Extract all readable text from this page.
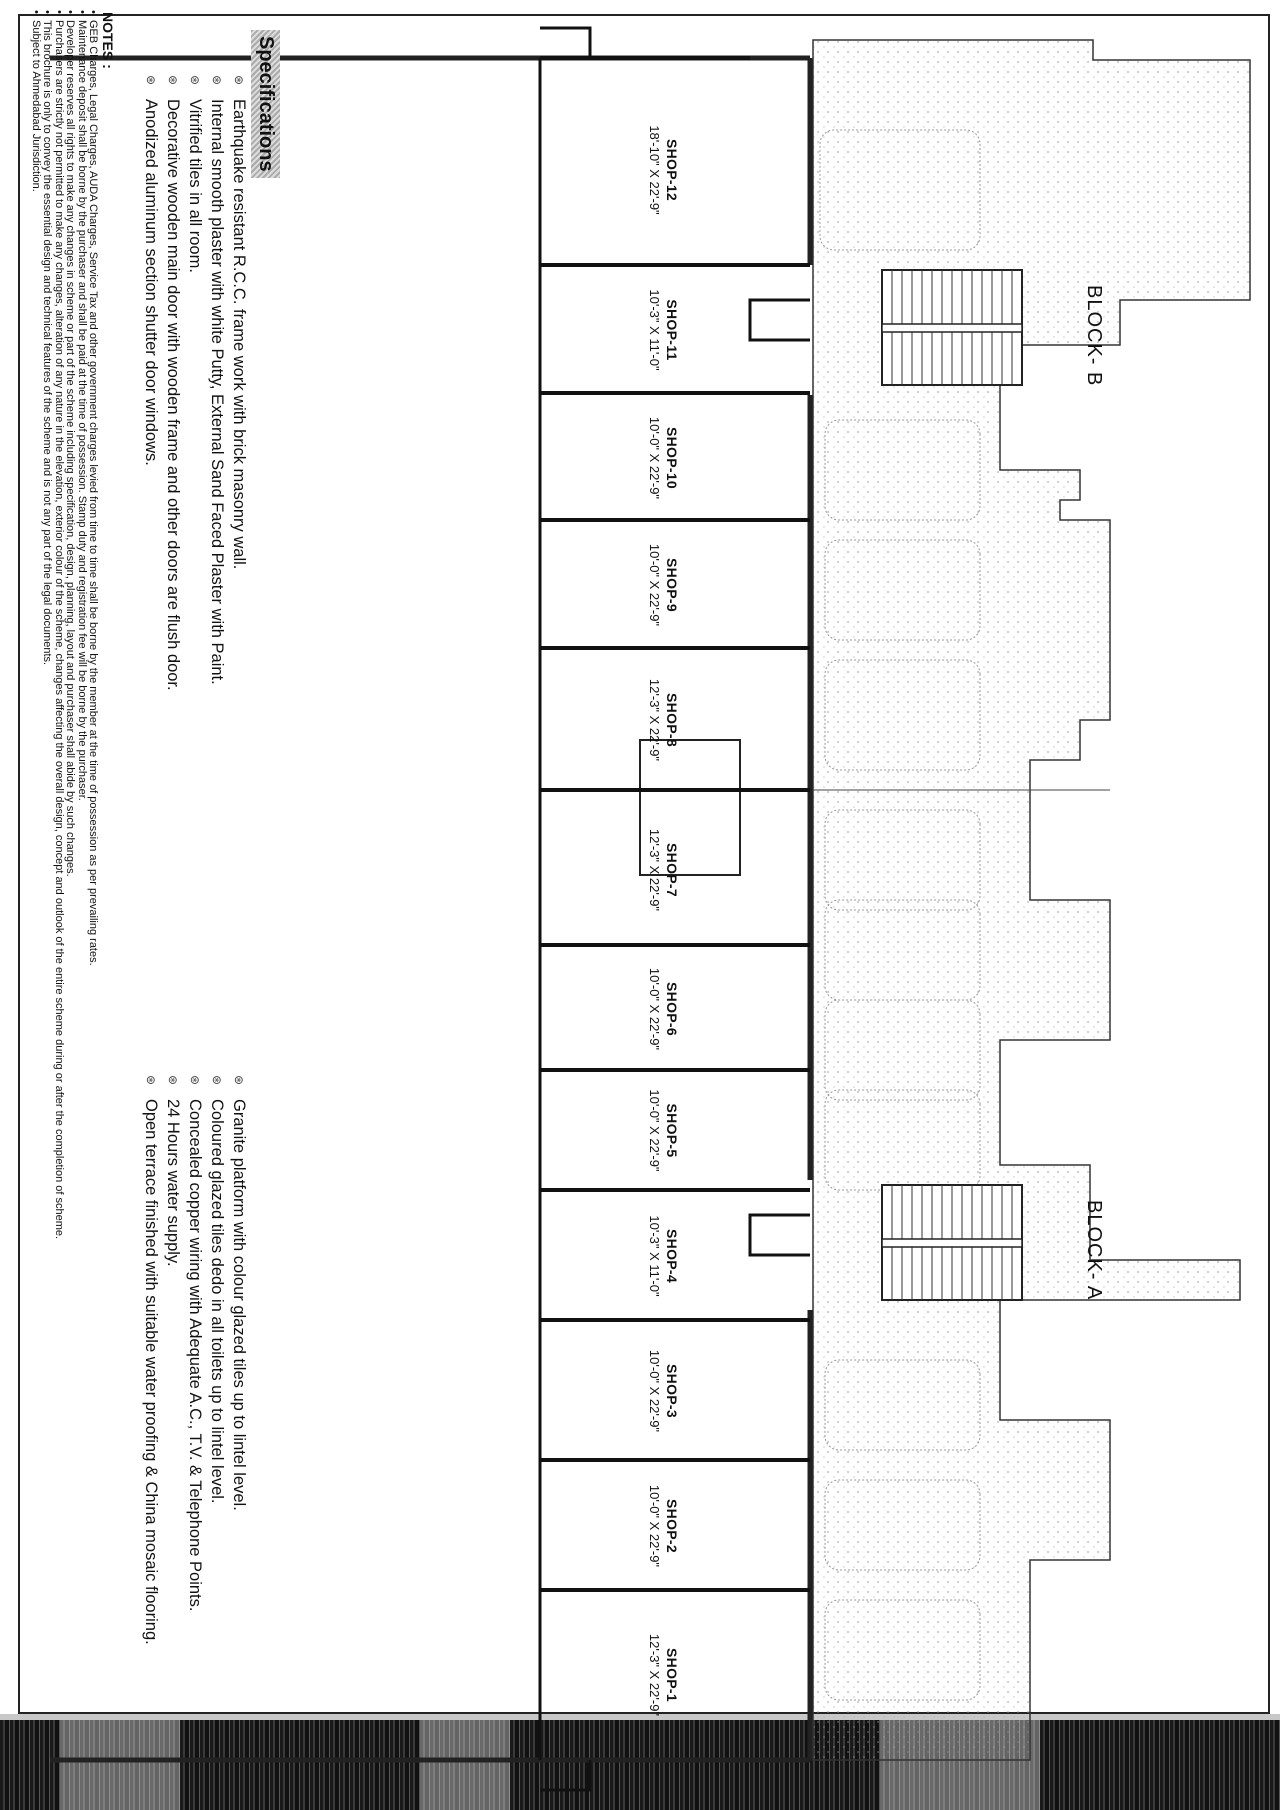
BLOCK- B
BLOCK- A
SHOP-12
18'-10" X 22'-9"
SHOP-11
10'-3" X 11'-0"
SHOP-10
10'-0" X 22'-9"
SHOP-9
10'-0" X 22'-9"
SHOP-8
12'-3" X 22'-9"
SHOP-7
12'-3" X 22'-9"
SHOP-6
10'-0" X 22'-9"
SHOP-5
10'-0" X 22'-9"
SHOP-4
10'-3" X 11'-0"
SHOP-3
10'-0" X 22'-9"
SHOP-2
10'-0" X 22'-9"
SHOP-1
12'-3" X 22'-9"
Specifications
⊛ Earthquake resistant R.C.C. frame work with brick masonry wall.
⊛ Internal smooth plaster with white Putty, External Sand Faced Plaster with Paint.
⊛ Vitrified tiles in all room.
⊛ Decorative wooden main door with wooden frame and other doors are flush door.
⊛ Anodized aluminum section shutter door windows.
⊛ Granite platform with colour glazed tiles up to lintel level.
⊛ Coloured glazed tiles dedo in all toilets up to lintel level.
⊛ Concealed copper wiring with Adequate A.C., T.V. & Telephone Points.
⊛ 24 Hours water supply.
⊛ Open terrace finished with suitable water proofing & China mosaic flooring.
NOTES :
• GEB Charges, Legal Charges, AUDA Charges, Service Tax and other government charges levied from time to time shall be borne by the member at the time of possession as per prevailing rates.
• Maintenance deposit shall be borne by the purchaser and shall be paid at the time of possession. Stamp duty and registration fee will be borne by the purchaser.
• Developer reserves all rights to make any changes in scheme or part of the scheme including specification, design, planning, layout and purchaser shall abide by such changes.
• Purchasers are strictly not permitted to make any changes, alteration of any nature in the elevation, exterior colour of the scheme, changes affecting the overall design, concept and outlook of the entire scheme during or after the completion of scheme.
• This brochure is only to convey the essential design and technical features of the scheme and is not any part of the legal documents.
• Subject to Ahmedabad Jurisdiction.
